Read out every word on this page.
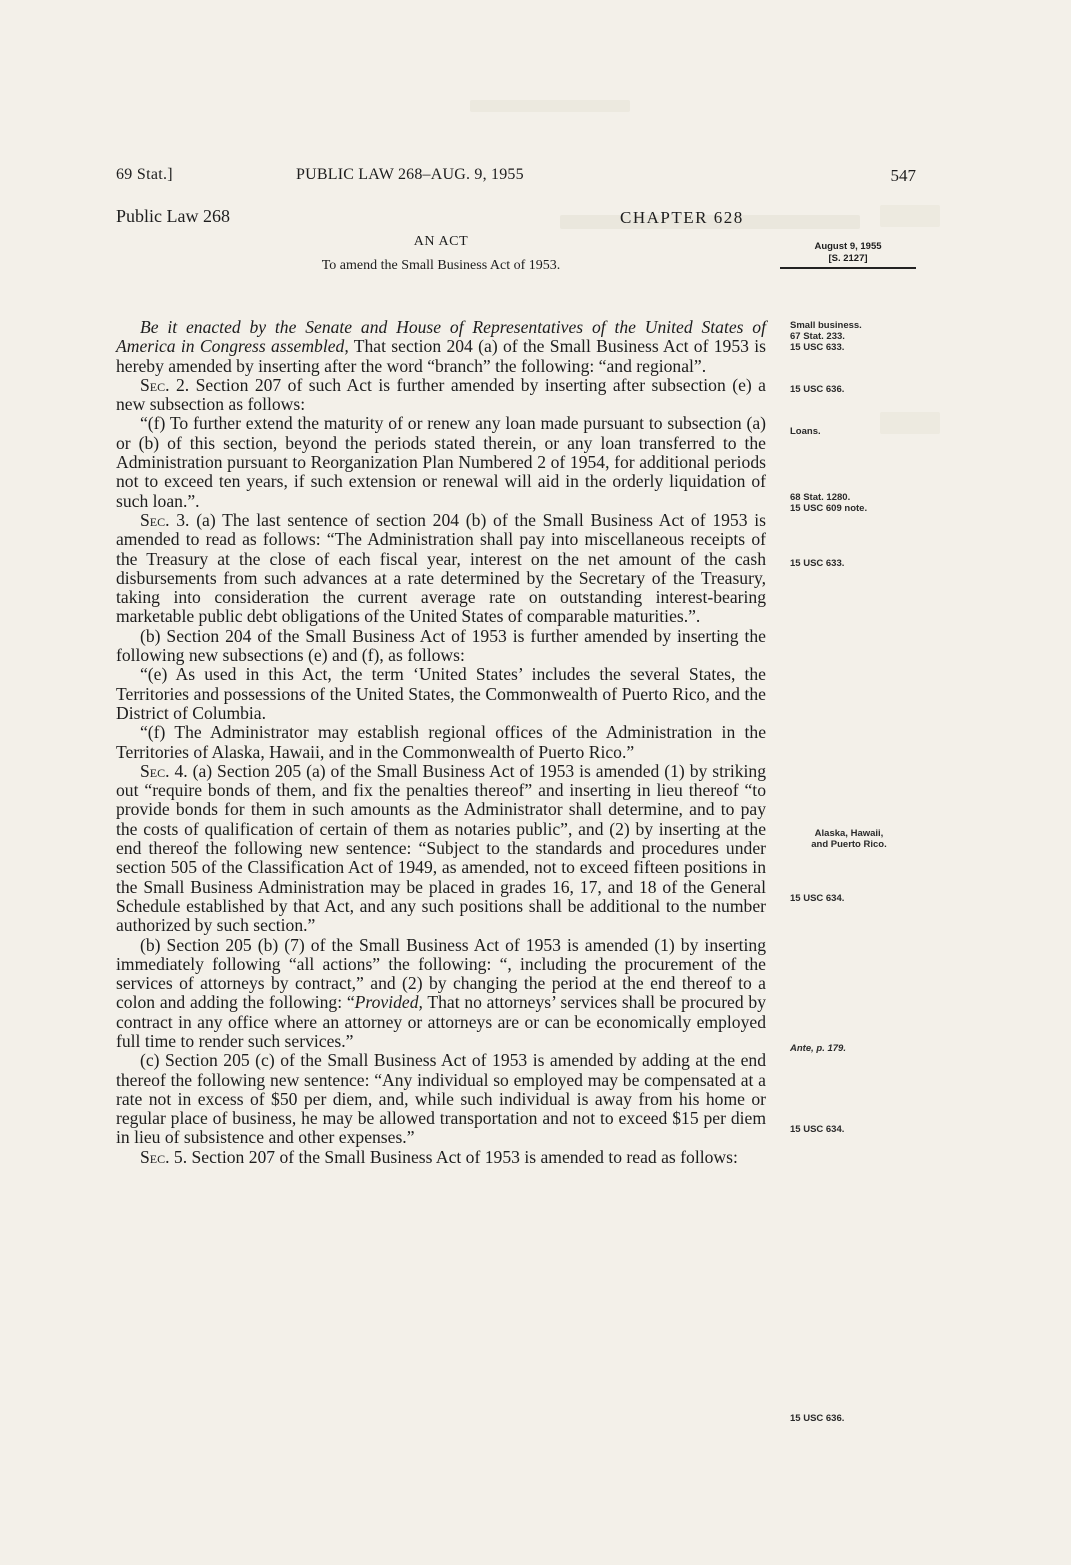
69 Stat.]	PUBLIC LAW 268–AUG. 9, 1955	547
Public Law 268	CHAPTER 628
AN ACT
To amend the Small Business Act of 1953.
August 9, 1955
[S. 2127]

Be it enacted by the Senate and House of Representatives of the United States of America in Congress assembled, That section 204 (a) of the Small Business Act of 1953 is hereby amended by inserting after the word “branch” the following: “and regional”.

Sec. 2. Section 207 of such Act is further amended by inserting after subsection (e) a new subsection as follows:

“(f) To further extend the maturity of or renew any loan made pursuant to subsection (a) or (b) of this section, beyond the periods stated therein, or any loan transferred to the Administration pursuant to Reorganization Plan Numbered 2 of 1954, for additional periods not to exceed ten years, if such extension or renewal will aid in the orderly liquidation of such loan.”.

Sec. 3. (a) The last sentence of section 204 (b) of the Small Business Act of 1953 is amended to read as follows: “The Administration shall pay into miscellaneous receipts of the Treasury at the close of each fiscal year, interest on the net amount of the cash disbursements from such advances at a rate determined by the Secretary of the Treasury, taking into consideration the current average rate on outstanding interest-bearing marketable public debt obligations of the United States of comparable maturities.”.

(b) Section 204 of the Small Business Act of 1953 is further amended by inserting the following new subsections (e) and (f), as follows:

“(e) As used in this Act, the term ‘United States’ includes the several States, the Territories and possessions of the United States, the Commonwealth of Puerto Rico, and the District of Columbia.

“(f) The Administrator may establish regional offices of the Administration in the Territories of Alaska, Hawaii, and in the Commonwealth of Puerto Rico.”

Sec. 4. (a) Section 205 (a) of the Small Business Act of 1953 is amended (1) by striking out “require bonds of them, and fix the penalties thereof” and inserting in lieu thereof “to provide bonds for them in such amounts as the Administrator shall determine, and to pay the costs of qualification of certain of them as notaries public”, and (2) by inserting at the end thereof the following new sentence: “Subject to the standards and procedures under section 505 of the Classification Act of 1949, as amended, not to exceed fifteen positions in the Small Business Administration may be placed in grades 16, 17, and 18 of the General Schedule established by that Act, and any such positions shall be additional to the number authorized by such section.”

(b) Section 205 (b) (7) of the Small Business Act of 1953 is amended (1) by inserting immediately following “all actions” the following: “, including the procurement of the services of attorneys by contract,” and (2) by changing the period at the end thereof to a colon and adding the following: “Provided, That no attorneys’ services shall be procured by contract in any office where an attorney or attorneys are or can be economically employed full time to render such services.”

(c) Section 205 (c) of the Small Business Act of 1953 is amended by adding at the end thereof the following new sentence: “Any individual so employed may be compensated at a rate not in excess of $50 per diem, and, while such individual is away from his home or regular place of business, he may be allowed transportation and not to exceed $15 per diem in lieu of subsistence and other expenses.”

Sec. 5. Section 207 of the Small Business Act of 1953 is amended to read as follows:

Small business.
67 Stat. 233.
15 USC 633.
15 USC 636.
Loans.
68 Stat. 1280.
15 USC 609 note.
15 USC 633.
Alaska, Hawaii,
and Puerto Rico.
15 USC 634.
Ante, p. 179.
15 USC 634.
15 USC 636.
